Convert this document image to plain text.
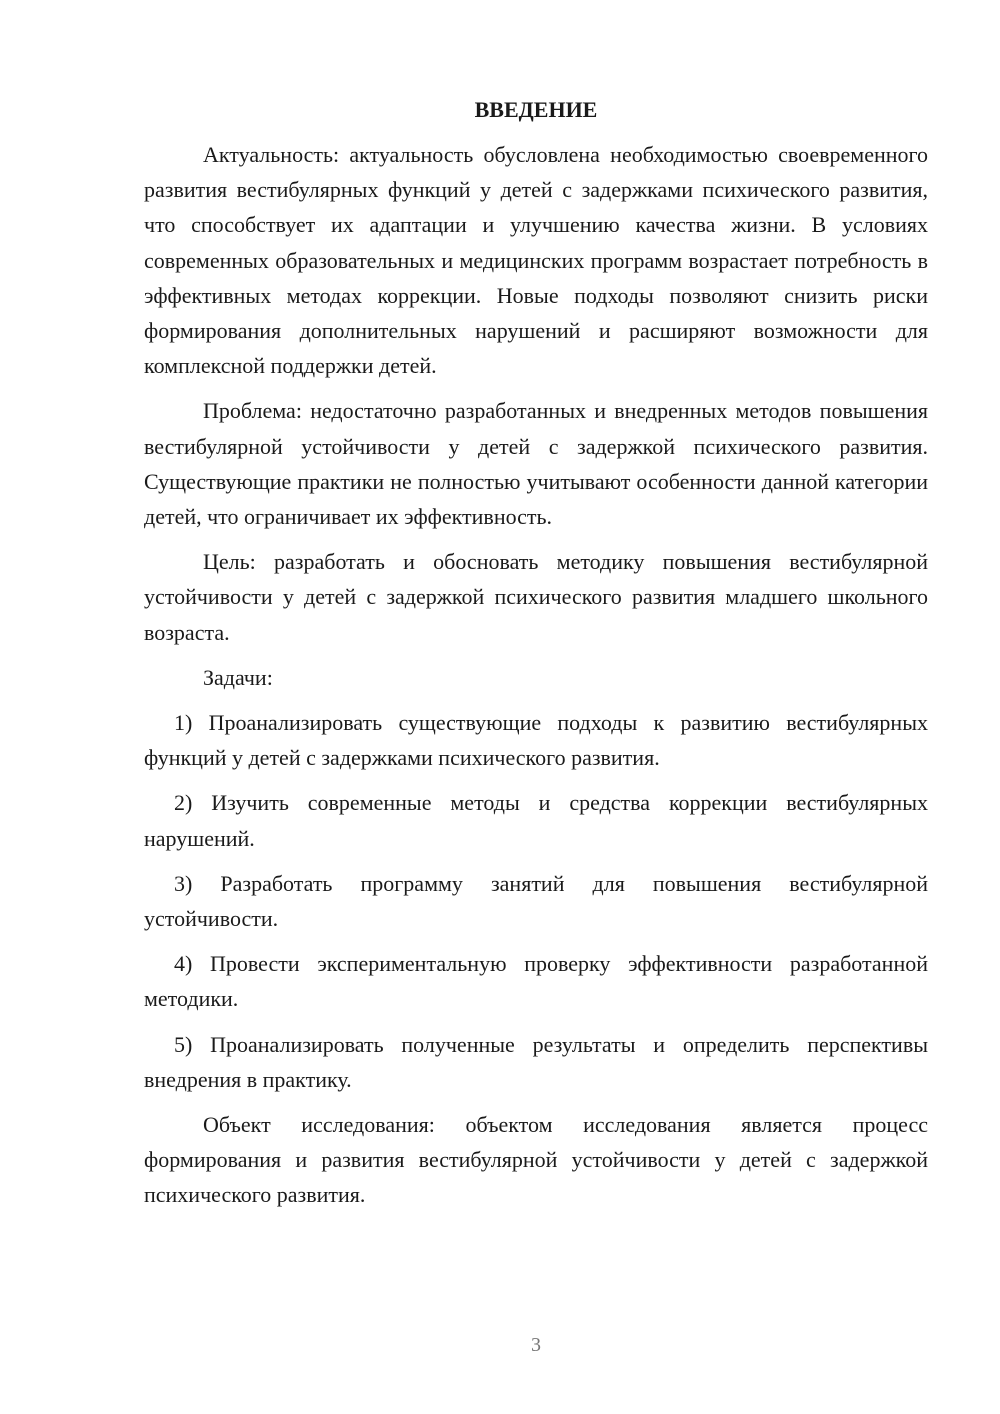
ВВЕДЕНИЕ

Актуальность: актуальность обусловлена необходимостью своевременного развития вестибулярных функций у детей с задержками психического развития, что способствует их адаптации и улучшению качества жизни. В условиях современных образовательных и медицинских программ возрастает потребность в эффективных методах коррекции. Новые подходы позволяют снизить риски формирования дополнительных нарушений и расширяют возможности для комплексной поддержки детей.

Проблема: недостаточно разработанных и внедренных методов повышения вестибулярной устойчивости у детей с задержкой психического развития. Существующие практики не полностью учитывают особенности данной категории детей, что ограничивает их эффективность.

Цель: разработать и обосновать методику повышения вестибулярной устойчивости у детей с задержкой психического развития младшего школьного возраста.

Задачи:

1) Проанализировать существующие подходы к развитию вестибулярных функций у детей с задержками психического развития.

2) Изучить современные методы и средства коррекции вестибулярных нарушений.

3) Разработать программу занятий для повышения вестибулярной устойчивости.

4) Провести экспериментальную проверку эффективности разработанной методики.

5) Проанализировать полученные результаты и определить перспективы внедрения в практику.

Объект исследования: объектом исследования является процесс формирования и развития вестибулярной устойчивости у детей с задержкой психического развития.

3
